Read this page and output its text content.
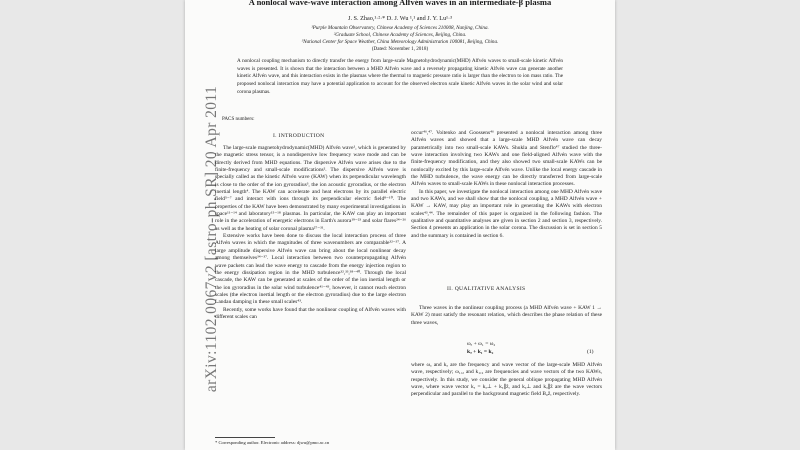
arXiv:1102.0067v2 [astro-ph.SR] 20 Apr 2011
A nonlocal wave-wave interaction among Alfvén waves in an intermediate-β plasma
J. S. Zhao,¹·²·* D. J. Wu ¹,¹ and J. Y. Lu¹·³
¹Purple Mountain Observatory, Chinese Academy of Sciences 210008, Nanjing, China.
²Graduate School, Chinese Academy of Sciences, Beijing, China.
³National Center for Space Weather, China Meteorology Administration 100081, Beijing, China.
(Dated: November 1, 2018)
A nonlocal coupling mechanism to directly transfer the energy from large-scale Magnetohydrodynamic(MHD) Alfvén waves to small-scale kinetic Alfvén waves is presented. It is shown that the interaction between a MHD Alfvén wave and a reversely propagating kinetic Alfvén wave can generate another kinetic Alfvén wave, and this interaction exists in the plasmas where the thermal to magnetic pressure ratio is larger than the electron to ion mass ratio. The proposed nonlocal interaction may have a potential application to account for the observed electron scale kinetic Alfvén waves in the solar wind and solar corona plasmas.
PACS numbers:
I. INTRODUCTION

The large-scale magnetohydrodynamic(MHD) Alfvén wave¹, which is generated by the magnetic stress tensor, is a nondispersive low frequency wave mode and can be directly derived from MHD equations. The dispersive Alfvén wave arises due to the finite-frequency and small-scale modifications². The dispersive Alfvén wave is specially called as the kinetic Alfvén wave (KAW) when its perpendicular wavelength is close to the order of the ion gyroradius³, the ion acoustic gyroradius, or the electron inertial length⁴. The KAW can accelerate and heat electrons by its parallel electric field⁵⁻⁷ and interact with ions through its perpendicular electric field⁸⁻¹⁰. The properties of the KAW have been demonstrated by many experimental investigations in space¹¹⁻¹⁴ and laboratory¹⁵⁻¹⁸ plasmas. In particular, the KAW can play an important role in the acceleration of energetic electrons in Earth's aurora¹⁹⁻²³ and solar flares²⁴⁻²⁶ as well as the heating of solar coronal plasma²⁷⁻³¹.

Extensive works have been done to discuss the local interaction process of three Alfvén waves in which the magnitudes of three wavenumbers are comparable³²⁻³⁷. A large amplitude dispersive Alfvén wave can bring about the local nonlinear decay among themselves³⁴⁻³⁷. Local interaction between two counterpropagating Alfvén wave packets can lead the wave energy to cascade from the energy injection region to the energy dissipation region in the MHD turbulence³²,³³,³⁸⁻⁴⁰. Through the local cascade, the KAW can be generated at scales of the order of the ion inertial length or the ion gyroradius in the solar wind turbulence⁴¹⁻⁴³, however, it cannot reach electron scales (the electron inertial length or the electron gyroradius) due to the large electron Landau damping in these small scales⁴³.

Recently, some works have found that the nonlinear coupling of Alfvén waves with different scales can

occur⁴⁶,⁴⁷. Voitenko and Goossens⁴⁶ presented a nonlocal interaction among three Alfvén waves and showed that a large-scale MHD Alfvén wave can decay parametrically into two small-scale KAWs. Shukla and Stenflo⁴⁷ studied the three-wave interaction involving two KAWs and one field-aligned Alfvén wave with the finite-frequency modification, and they also showed two small-scale KAWs can be nonlocally excited by this large-scale Alfvén wave. Unlike the local energy cascade in the MHD turbulence, the wave energy can be directly transferred from large-scale Alfvén waves to small-scale KAWs in these nonlocal interaction processes.

In this paper, we investigate the nonlocal interaction among one MHD Alfvén wave and two KAWs, and we shall show that the nonlocal coupling, a MHD Alfvén wave + KAW → KAW, may play an important role in generating the KAWs with electron scales⁴³,⁴⁴. The remainder of this paper is organized in the following fashion. The qualitative and quantitative analyses are given in section 2 and section 3, respectively. Section 4 presents an application in the solar corona. The discussion is set in section 5 and the summary is contained in section 6.

II. QUALITATIVE ANALYSIS

Three waves in the nonlinear coupling process (a MHD Alfvén wave + KAW 1 → KAW 2) must satisfy the resonant relation, which describes the phase relation of these three waves,

ωₐ + ω₁ = ω₂
kₐ + k₁ = k₂	(1)

where ωₐ and kₐ are the frequency and wave vector of the large-scale MHD Alfvén wave, respectively; ω₁,₂ and k₁,₂ are frequencies and wave vectors of the two KAWs, respectively. In this study, we consider the general oblique propagating MHD Alfvén wave, where wave vector kₐ = kₐ⊥ + kₐ∥ẑ, and kₐ⊥ and kₐ∥ẑ are the wave vectors perpendicular and parallel to the background magnetic field B₀ẑ, respectively.

* Corresponding author. Electronic address: djwu@pmo.ac.cn
